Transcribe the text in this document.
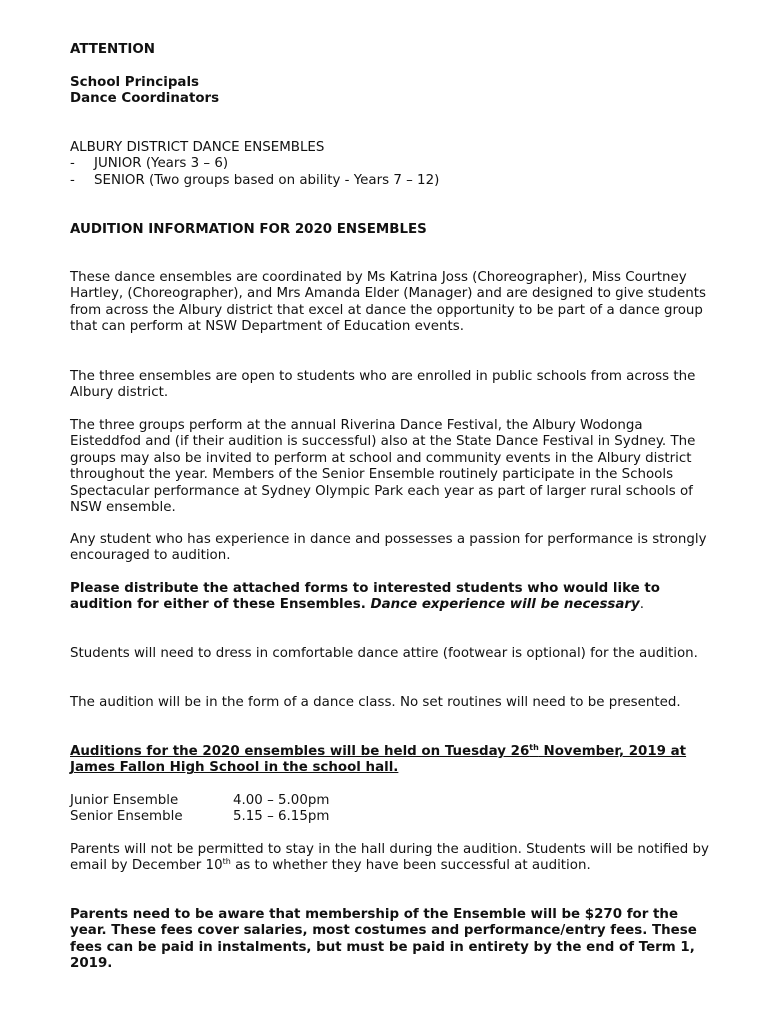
ATTENTION
School Principals
Dance Coordinators
ALBURY DISTRICT DANCE ENSEMBLES
- JUNIOR (Years 3 – 6)
- SENIOR (Two groups based on ability - Years 7 – 12)
AUDITION INFORMATION FOR 2020 ENSEMBLES

These dance ensembles are coordinated by Ms Katrina Joss (Choreographer), Miss Courtney Hartley, (Choreographer), and Mrs Amanda Elder (Manager) and are designed to give students from across the Albury district that excel at dance the opportunity to be part of a dance group that can perform at NSW Department of Education events.

The three ensembles are open to students who are enrolled in public schools from across the Albury district.

The three groups perform at the annual Riverina Dance Festival, the Albury Wodonga Eisteddfod and (if their audition is successful) also at the State Dance Festival in Sydney. The groups may also be invited to perform at school and community events in the Albury district throughout the year. Members of the Senior Ensemble routinely participate in the Schools Spectacular performance at Sydney Olympic Park each year as part of larger rural schools of NSW ensemble.

Any student who has experience in dance and possesses a passion for performance is strongly encouraged to audition.

Please distribute the attached forms to interested students who would like to audition for either of these Ensembles. Dance experience will be necessary.

Students will need to dress in comfortable dance attire (footwear is optional) for the audition.

The audition will be in the form of a dance class. No set routines will need to be presented.

Auditions for the 2020 ensembles will be held on Tuesday 26th November, 2019 at James Fallon High School in the school hall.

Junior Ensemble	4.00 – 5.00pm
Senior Ensemble	5.15 – 6.15pm

Parents will not be permitted to stay in the hall during the audition. Students will be notified by email by December 10th as to whether they have been successful at audition.

Parents need to be aware that membership of the Ensemble will be $270 for the year. These fees cover salaries, most costumes and performance/entry fees. These fees can be paid in instalments, but must be paid in entirety by the end of Term 1, 2019.
